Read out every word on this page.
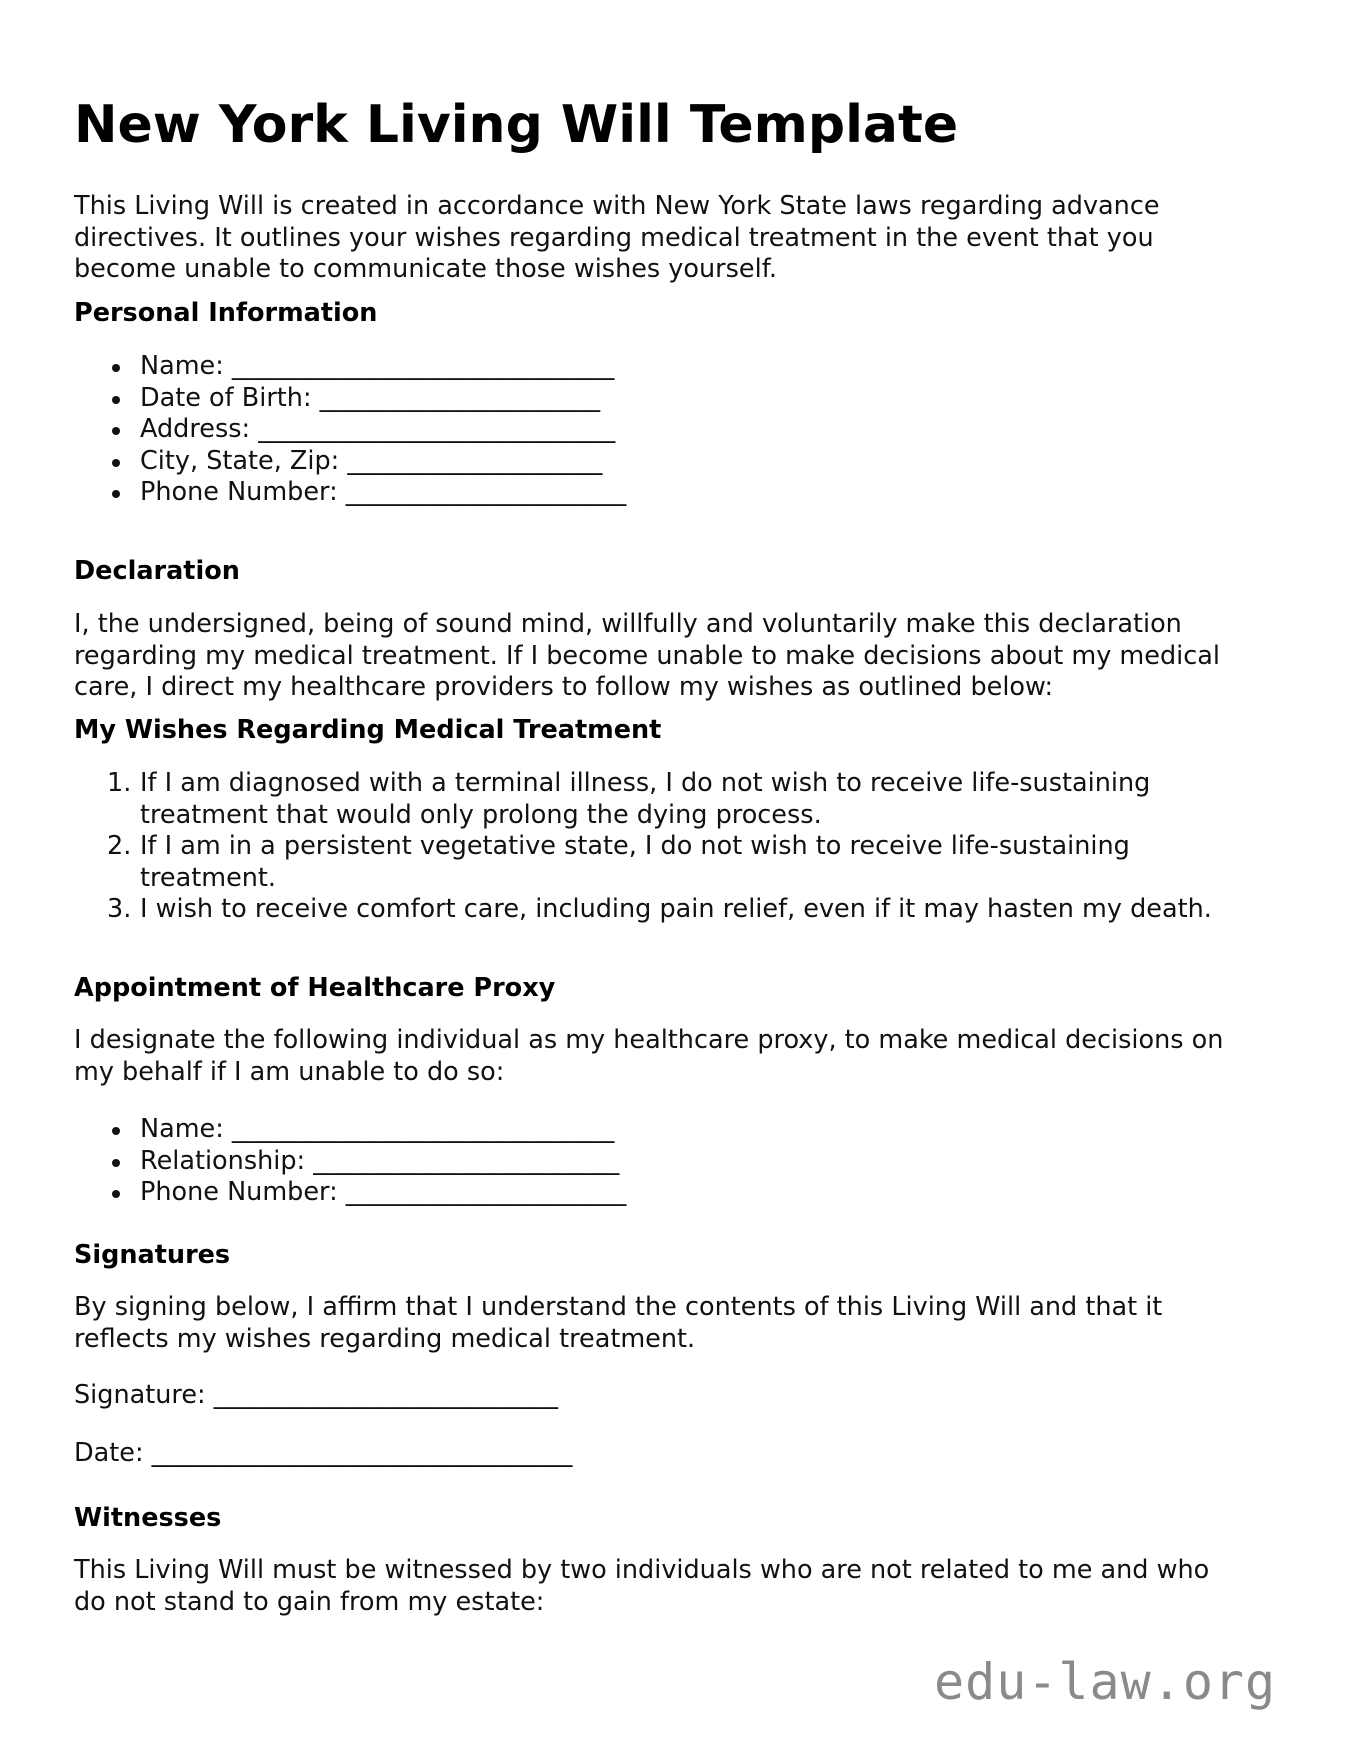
New York Living Will Template

This Living Will is created in accordance with New York State laws regarding advance
directives. It outlines your wishes regarding medical treatment in the event that you
become unable to communicate those wishes yourself.

Personal Information
Name: ______________________________
Date of Birth: ______________________
Address: ____________________________
City, State, Zip: ____________________
Phone Number: ______________________
Declaration

I, the undersigned, being of sound mind, willfully and voluntarily make this declaration
regarding my medical treatment. If I become unable to make decisions about my medical
care, I direct my healthcare providers to follow my wishes as outlined below:

My Wishes Regarding Medical Treatment
1. If I am diagnosed with a terminal illness, I do not wish to receive life-sustaining
treatment that would only prolong the dying process.
2. If I am in a persistent vegetative state, I do not wish to receive life-sustaining
treatment.
3. I wish to receive comfort care, including pain relief, even if it may hasten my death.
Appointment of Healthcare Proxy

I designate the following individual as my healthcare proxy, to make medical decisions on
my behalf if I am unable to do so:

Name: ______________________________
Relationship: ________________________
Phone Number: ______________________
Signatures

By signing below, I affirm that I understand the contents of this Living Will and that it
reflects my wishes regarding medical treatment.

Signature: ___________________________
Date: _________________________________
Witnesses

This Living Will must be witnessed by two individuals who are not related to me and who
do not stand to gain from my estate:

edu-law.org
